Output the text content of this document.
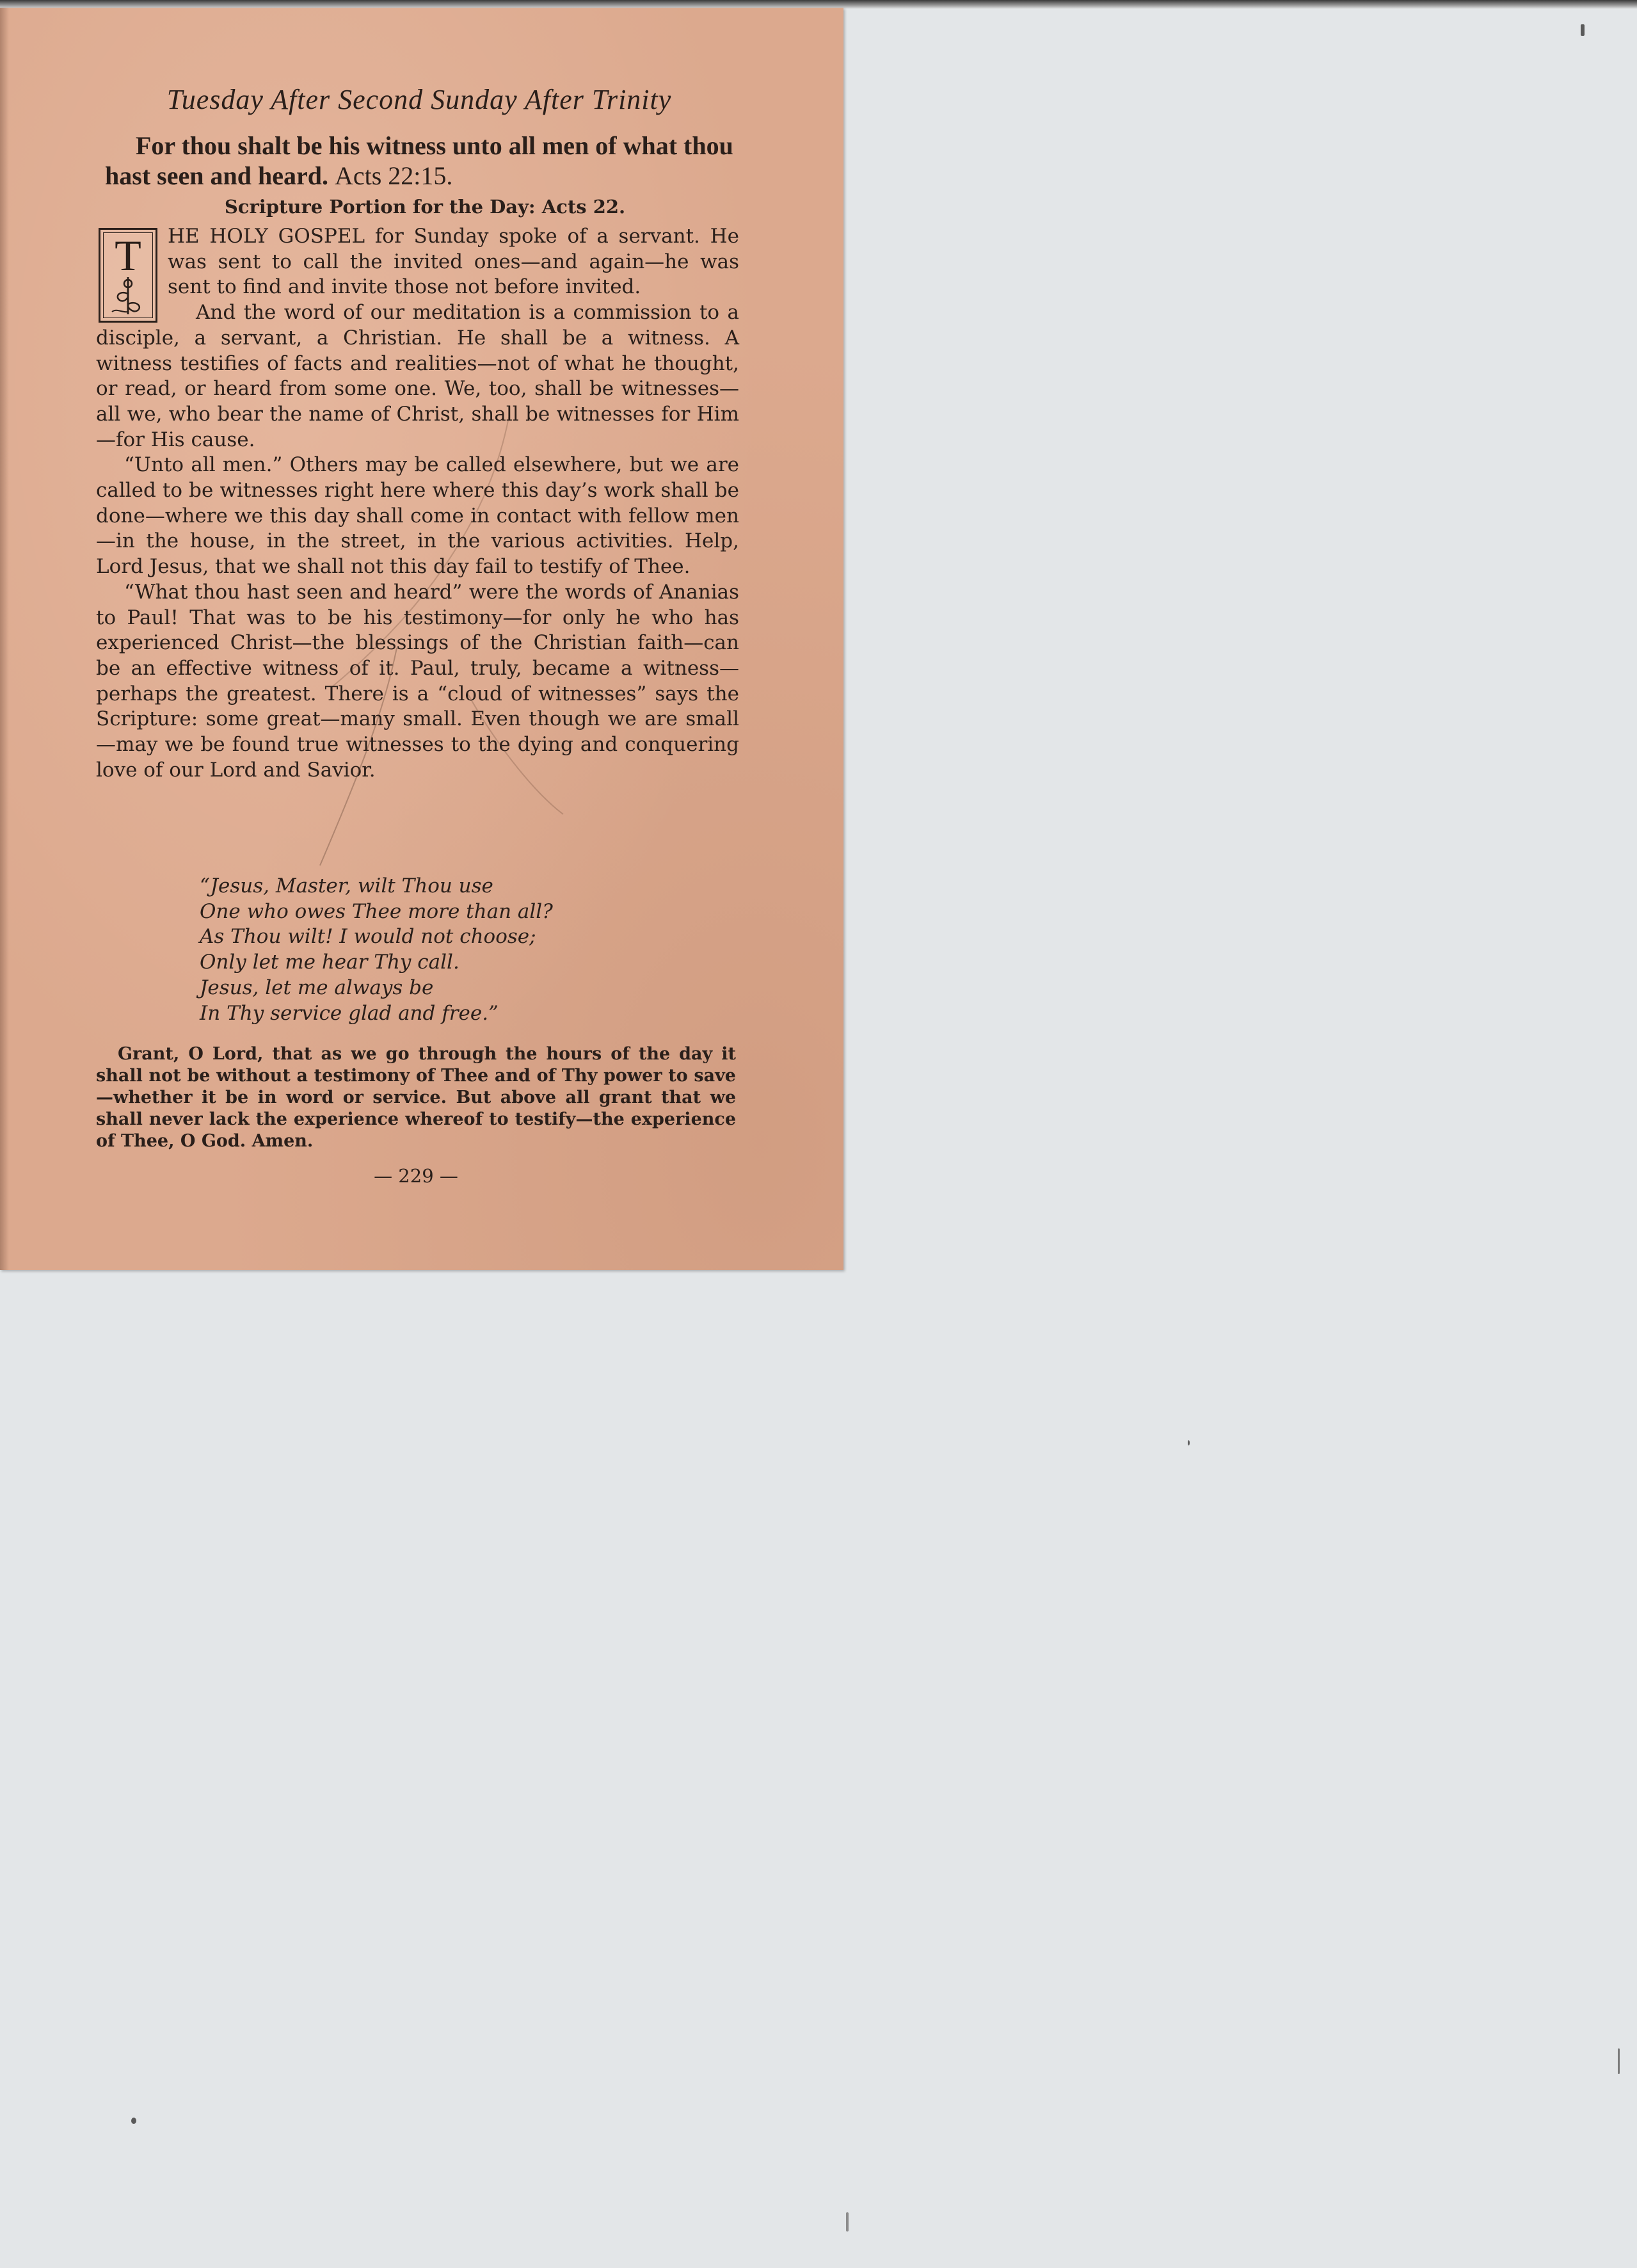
Tuesday After Second Sunday After Trinity
For thou shalt be his witness unto all men of what thou hast seen and heard. Acts 22:15.
Scripture Portion for the Day: Acts 22.

T	HE HOLY GOSPEL for Sunday spoke of a servant. He was sent to call the invited ones—and again—he was sent to find and invite those not before invited.

And the word of our meditation is a commission to a disciple, a servant, a Christian. He shall be a witness. A witness testifies of facts and realities—not of what he thought, or read, or heard from some one. We, too, shall be witnesses—all we, who bear the name of Christ, shall be witnesses for Him—for His cause.

“Unto all men.” Others may be called elsewhere, but we are called to be witnesses right here where this day’s work shall be done—where we this day shall come in contact with fellow men—in the house, in the street, in the various activities. Help, Lord Jesus, that we shall not this day fail to testify of Thee.

“What thou hast seen and heard” were the words of Ananias to Paul! That was to be his testimony—for only he who has experienced Christ—the blessings of the Christian faith—can be an effective witness of it. Paul, truly, became a witness—perhaps the greatest. There is a “cloud of witnesses” says the Scripture: some great—many small. Even though we are small—may we be found true witnesses to the dying and conquering love of our Lord and Savior.

“Jesus, Master, wilt Thou use
One who owes Thee more than all?
As Thou wilt! I would not choose;
Only let me hear Thy call.
Jesus, let me always be
In Thy service glad and free.”
Grant, O Lord, that as we go through the hours of the day it shall not be without a testimony of Thee and of Thy power to save—whether it be in word or service. But above all grant that we shall never lack the experience whereof to testify—the experience of Thee, O God. Amen.
— 229 —
